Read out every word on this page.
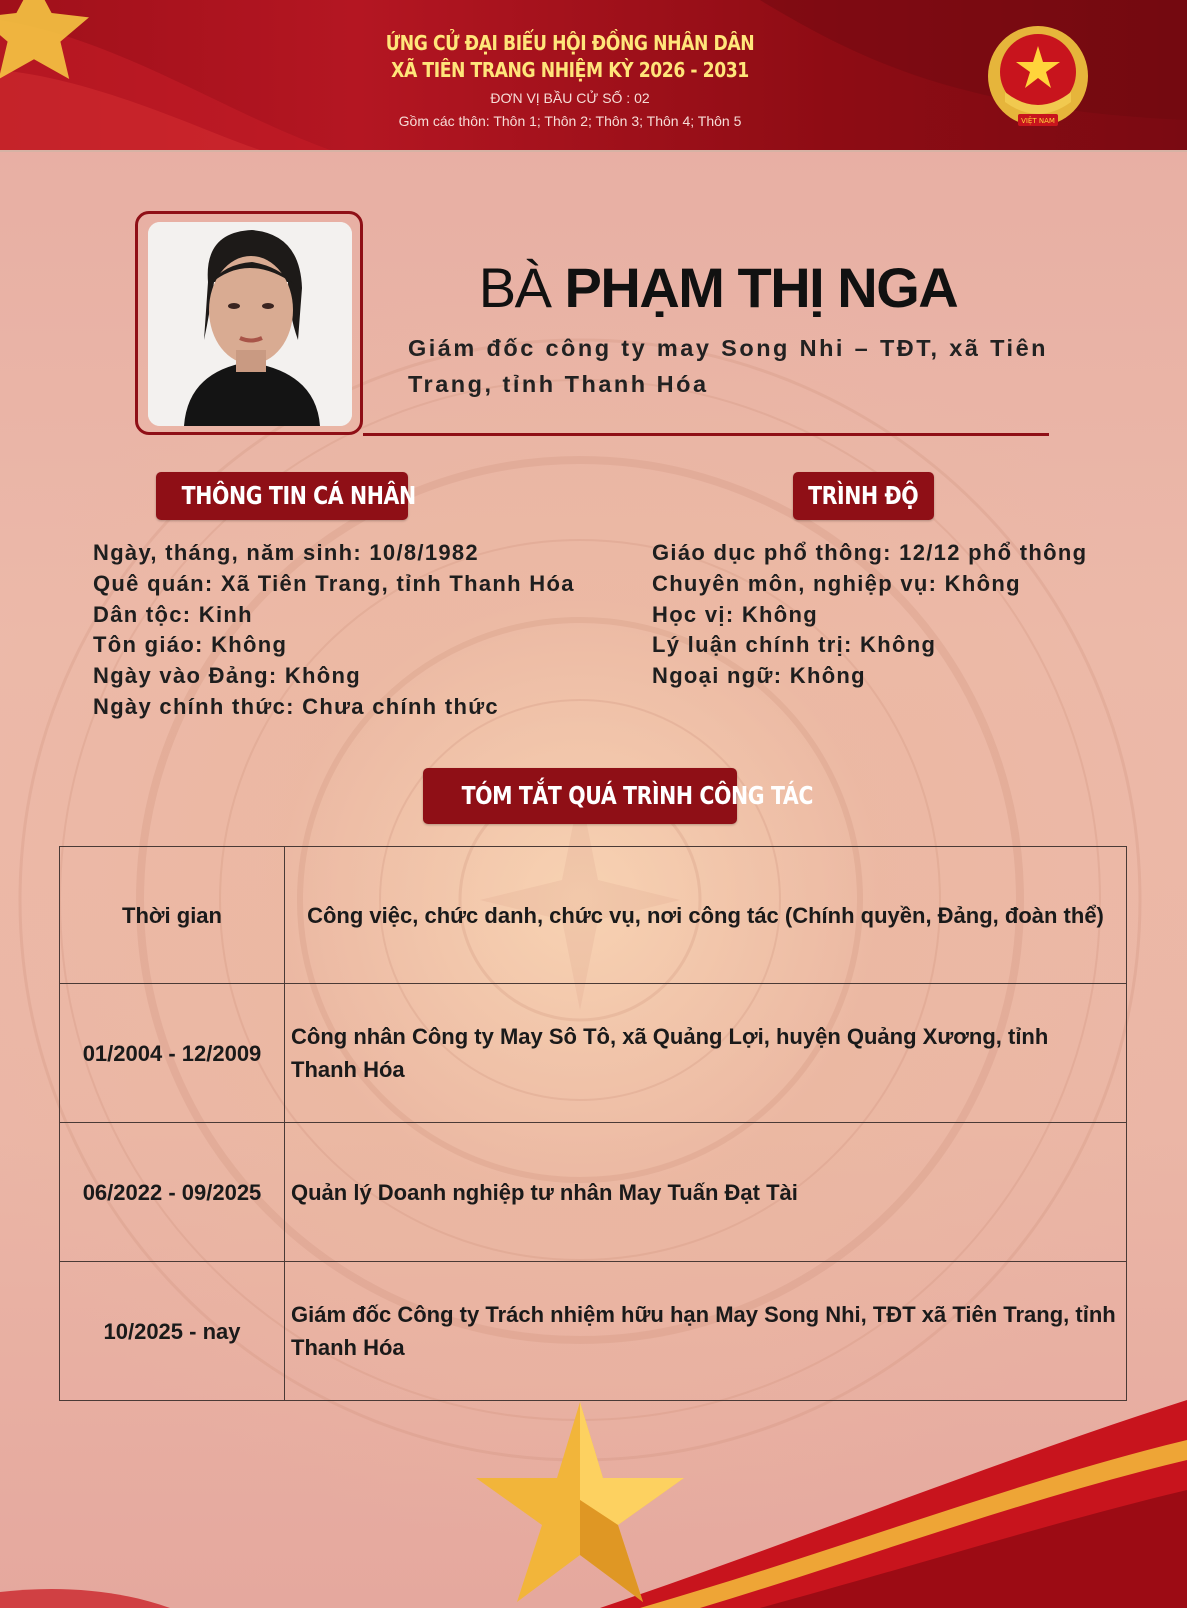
ỨNG CỬ ĐẠI BIỂU HỘI ĐỒNG NHÂN DÂN
XÃ TIÊN TRANG NHIỆM KỲ 2026 - 2031
ĐƠN VỊ BẦU CỬ SỐ : 02
Gồm các thôn: Thôn 1; Thôn 2; Thôn 3; Thôn 4; Thôn 5	VIỆT NAM
BÀ PHẠM THỊ NGA
Giám đốc công ty may Song Nhi – TĐT, xã Tiên Trang, tỉnh Thanh Hóa
THÔNG TIN CÁ NHÂN	TRÌNH ĐỘ
Ngày, tháng, năm sinh: 10/8/1982
Quê quán: Xã Tiên Trang, tỉnh Thanh Hóa
Dân tộc: Kinh
Tôn giáo: Không
Ngày vào Đảng: Không
Ngày chính thức: Chưa chính thức
Giáo dục phổ thông: 12/12 phổ thông
Chuyên môn, nghiệp vụ: Không
Học vị: Không
Lý luận chính trị: Không
Ngoại ngữ: Không
TÓM TẮT QUÁ TRÌNH CÔNG TÁC
Thời gian	Công việc, chức danh, chức vụ, nơi công tác (Chính quyền, Đảng, đoàn thể)
01/2004 - 12/2009	Công nhân Công ty May Sô Tô, xã Quảng Lợi, huyện Quảng Xương, tỉnh Thanh Hóa
06/2022 - 09/2025	Quản lý Doanh nghiệp tư nhân May Tuấn Đạt Tài
10/2025 - nay	Giám đốc Công ty Trách nhiệm hữu hạn May Song Nhi, TĐT xã Tiên Trang, tỉnh Thanh Hóa
